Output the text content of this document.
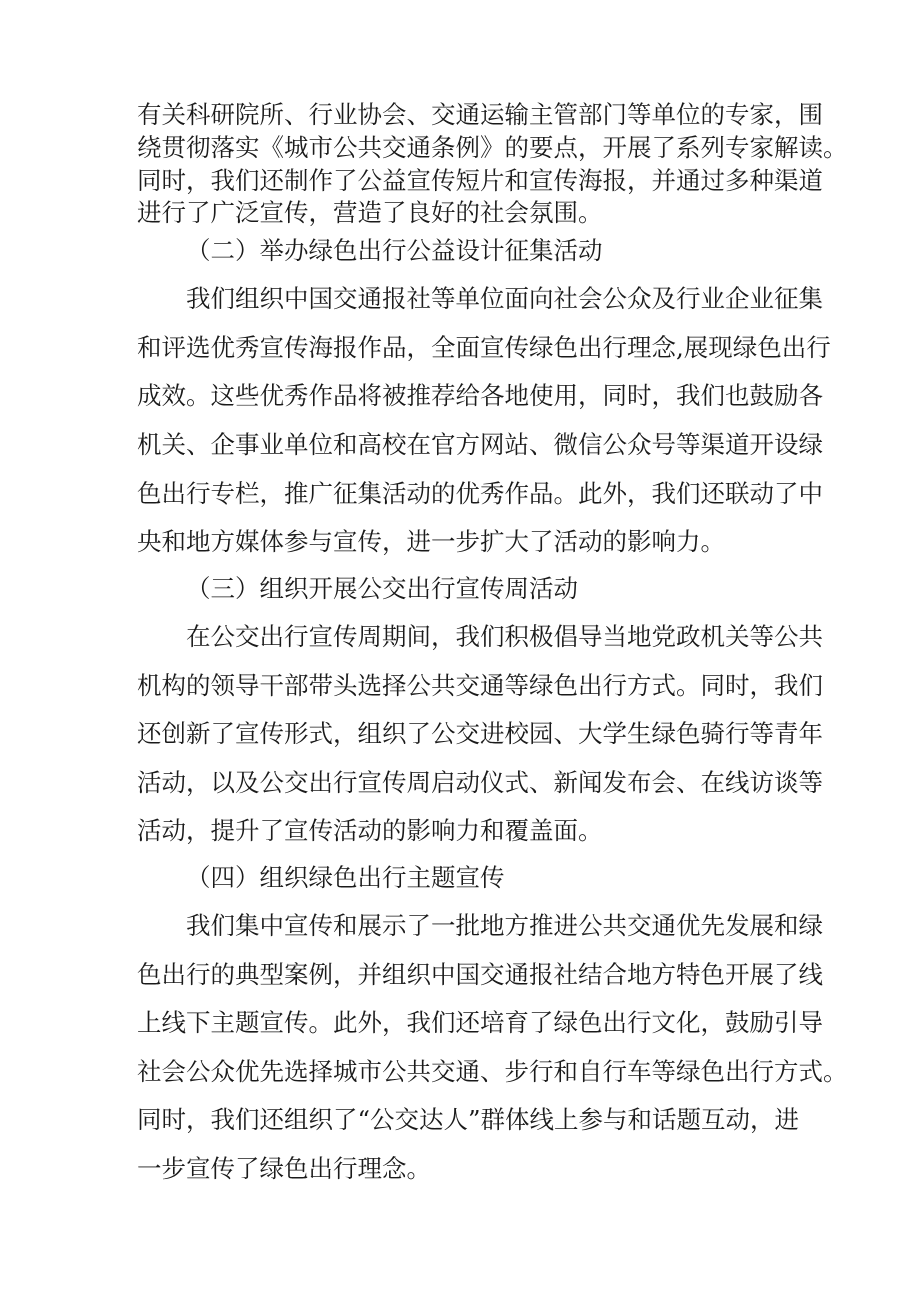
有关科研院所、行业协会、交通运输主管部门等单位的专家，围
绕贯彻落实《城市公共交通条例》的要点，开展了系列专家解读。
同时，我们还制作了公益宣传短片和宣传海报，并通过多种渠道
进行了广泛宣传，营造了良好的社会氛围。
（二）举办绿色出行公益设计征集活动
我们组织中国交通报社等单位面向社会公众及行业企业征集
和评选优秀宣传海报作品，全面宣传绿色出行理念,展现绿色出行
成效。这些优秀作品将被推荐给各地使用，同时，我们也鼓励各
机关、企事业单位和高校在官方网站、微信公众号等渠道开设绿
色出行专栏，推广征集活动的优秀作品。此外，我们还联动了中
央和地方媒体参与宣传，进一步扩大了活动的影响力。
（三）组织开展公交出行宣传周活动
在公交出行宣传周期间，我们积极倡导当地党政机关等公共
机构的领导干部带头选择公共交通等绿色出行方式。同时，我们
还创新了宣传形式，组织了公交进校园、大学生绿色骑行等青年
活动，以及公交出行宣传周启动仪式、新闻发布会、在线访谈等
活动，提升了宣传活动的影响力和覆盖面。
（四）组织绿色出行主题宣传
我们集中宣传和展示了一批地方推进公共交通优先发展和绿
色出行的典型案例，并组织中国交通报社结合地方特色开展了线
上线下主题宣传。此外，我们还培育了绿色出行文化，鼓励引导
社会公众优先选择城市公共交通、步行和自行车等绿色出行方式。
同时，我们还组织了“公交达人”群体线上参与和话题互动，进
一步宣传了绿色出行理念。
